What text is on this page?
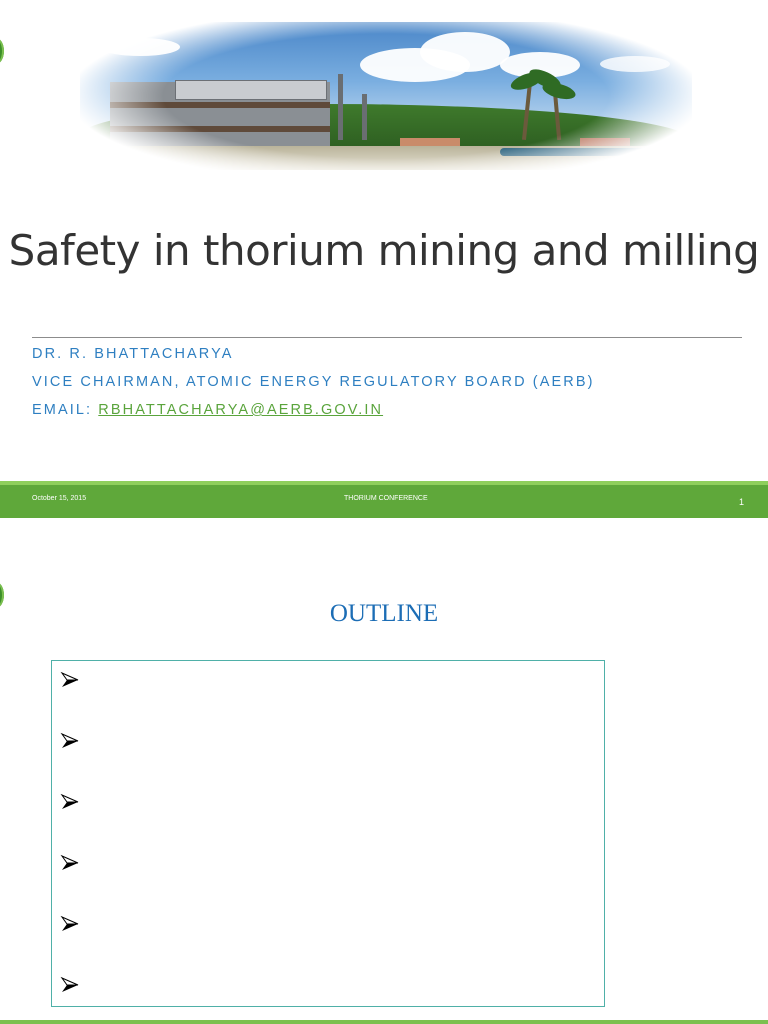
Safety in thorium mining and milling
DR. R. BHATTACHARYA
VICE CHAIRMAN, ATOMIC ENERGY REGULATORY BOARD (AERB)
EMAIL: RBHATTACHARYA@AERB.GOV.IN
October 15, 2015	THORIUM CONFERENCE	1
OUTLINE
